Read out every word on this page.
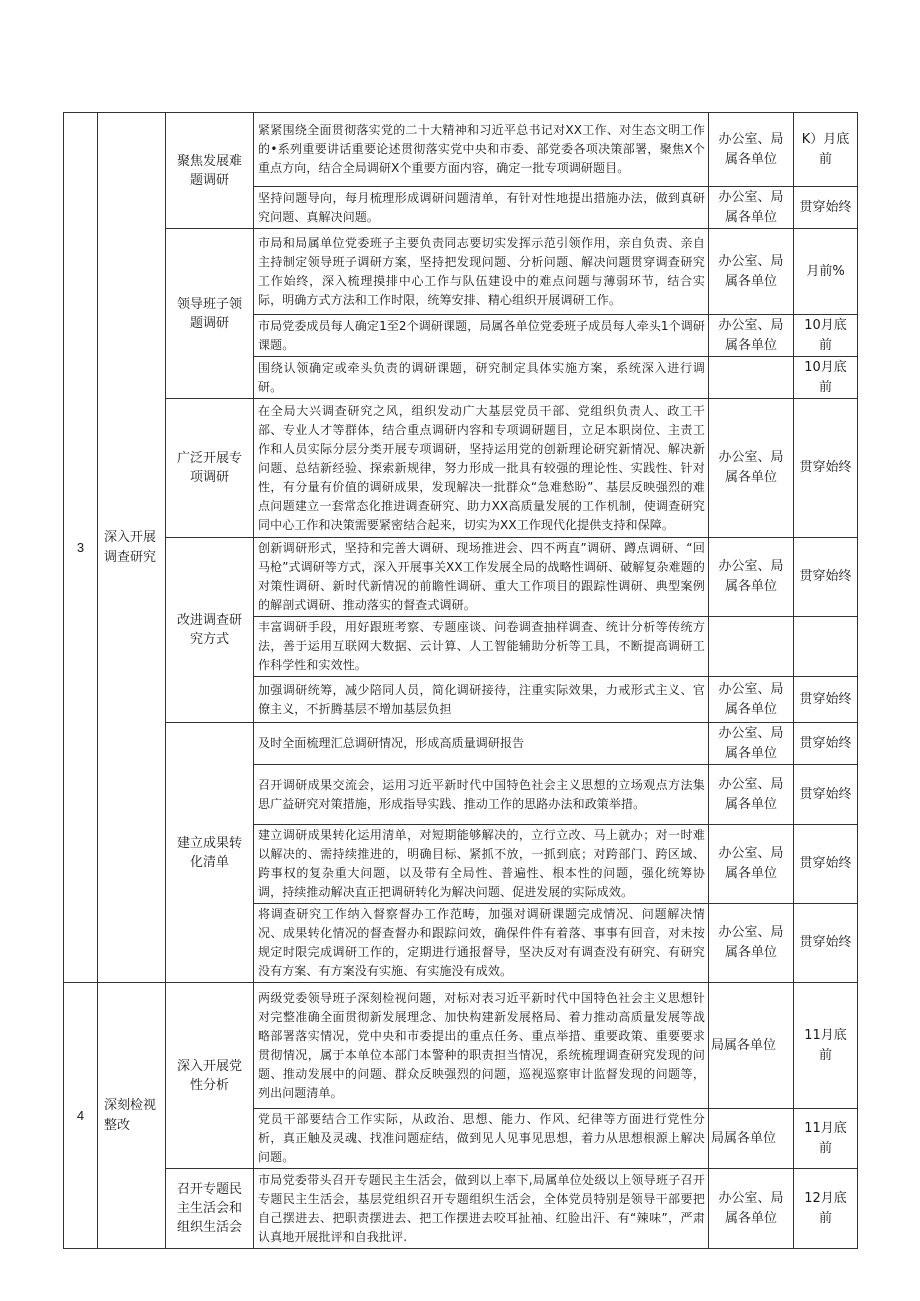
3	深入开展调查研究	聚焦发展难题调研	紧紧围绕全面贯彻落实党的二十大精神和习近平总书记对XX工作、对生态文明工作的•系列重要讲话重要论述贯彻落实党中央和市委、部党委各项决策部署，聚焦X个重点方向，结合全局调研X个重要方面内容，确定一批专项调研题目。	办公室、局属各单位	K）月底前
			坚持问题导向，每月梳理形成调研问题清单，有针对性地提出措施办法，做到真研究问题、真解决问题。	办公室、局属各单位	贯穿始终
		领导班子领题调研	市局和局属单位党委班子主要负责同志要切实发挥示范引领作用，亲自负责、亲自主持制定领导班子调研方案，坚持把发现问题、分析问题、解决问题贯穿调查研究工作始终，深入梳理摸排中心工作与队伍建设中的难点问题与薄弱环节，结合实际，明确方式方法和工作时限，统筹安排、精心组织开展调研工作。	办公室、局属各单位	月前%
			市局党委成员每人确定1至2个调研课题，局属各单位党委班子成员每人牵头1个调研课题。	办公室、局属各单位	10月底前
			围绕认领确定或牵头负责的调研课题，研究制定具体实施方案，系统深入进行调研。		10月底前
		广泛开展专项调研	在全局大兴调查研究之风，组织发动广大基层党员干部、党组织负责人、政工干部、专业人才等群体，结合重点调研内容和专项调研题目，立足本职岗位、主责工作和人员实际分层分类开展专项调研，坚持运用党的创新理论研究新情况、解决新问题、总结新经验、探索新规律，努力形成一批具有较强的理论性、实践性、针对性，有分量有价值的调研成果，发现解决一批群众“急难愁盼”、基层反映强烈的难点问题建立一套常态化推进调查研究、助力XX高质量发展的工作机制，使调查研究同中心工作和决策需要紧密结合起来，切实为XX工作现代化提供支持和保障。	办公室、局属各单位	贯穿始终
		改进调查研究方式	创新调研形式，坚持和完善大调研、现场推进会、四不两直”调研、蹲点调研、“回马枪”式调研等方式，深入开展事关XX工作发展全局的战略性调研、破解复杂难题的对策性调研、新时代新情况的前瞻性调研、重大工作项目的跟踪性调研、典型案例的解剖式调研、推动落实的督查式调研。	办公室、局属各单位	贯穿始终
			丰富调研手段，用好跟班考察、专题座谈、问卷调查抽样调查、统计分析等传统方法，善于运用互联网大数据、云计算、人工智能辅助分析等工具，不断提高调研工作科学性和实效性。		
			加强调研统筹，减少陪同人员，简化调研接待，注重实际效果，力戒形式主义、官僚主义，不折腾基层不增加基层负担	办公室、局属各单位	贯穿始终
		建立成果转化清单	及时全面梳理汇总调研情况，形成高质量调研报告	办公室、局属各单位	贯穿始终
			召开调研成果交流会，运用习近平新时代中国特色社会主义思想的立场观点方法集思广益研究对策措施，形成指导实践、推动工作的思路办法和政策举措。	办公室、局属各单位	贯穿始终
			建立调研成果转化运用清单，对短期能够解决的，立行立改、马上就办；对一时难以解决的、需持续推进的，明确目标、紧抓不放，一抓到底；对跨部门、跨区域、跨事权的复杂重大问题，以及带有全局性、普遍性、根本性的问题，强化统筹协调，持续推动解决直正把调研转化为解决问题、促进发展的实际成效。	办公室、局属各单位	贯穿始终
			将调查研究工作纳入督察督办工作范畴，加强对调研课题完成情况、问题解决情况、成果转化情况的督查督办和跟踪问效，确保件件有着落、事事有回音，对未按规定时限完成调研工作的，定期进行通报督导，坚决反对有调查没有研究、有研究没有方案、有方案没有实施、有实施没有成效。	办公室、局属各单位	贯穿始终
4	深刻检视整改	深入开展党性分析	两级党委领导班子深刻检视问题，对标对表习近平新时代中国特色社会主义思想针对完整准确全面贯彻新发展理念、加快构建新发展格局、着力推动高质量发展等战略部署落实情况，党中央和市委提出的重点任务、重点举措、重要政策、重要要求贯彻情况，属于本单位本部门本警种的职责担当情况，系统梳理调查研究发现的问题、推动发展中的问题、群众反映强烈的问题，巡视巡察审计监督发现的问题等，列出问题清单。	局属各单位	11月底前
			党员干部要结合工作实际，从政治、思想、能力、作风、纪律等方面进行党性分析，真正触及灵魂、找准问题症结，做到见人见事见思想，着力从思想根源上解决问题。	局属各单位	11月底前
		召开专题民主生活会和组织生活会	市局党委带头召开专题民主生活会，做到以上率下,局属单位处级以上领导班子召开专题民主生活会，基层党组织召开专题组织生活会，全体党员特别是领导干部要把自己摆进去、把职责摆进去、把工作摆进去咬耳扯袖、红脸出汗、有“辣味”，严肃认真地开展批评和自我批评.	办公室、局属各单位	12月底前
